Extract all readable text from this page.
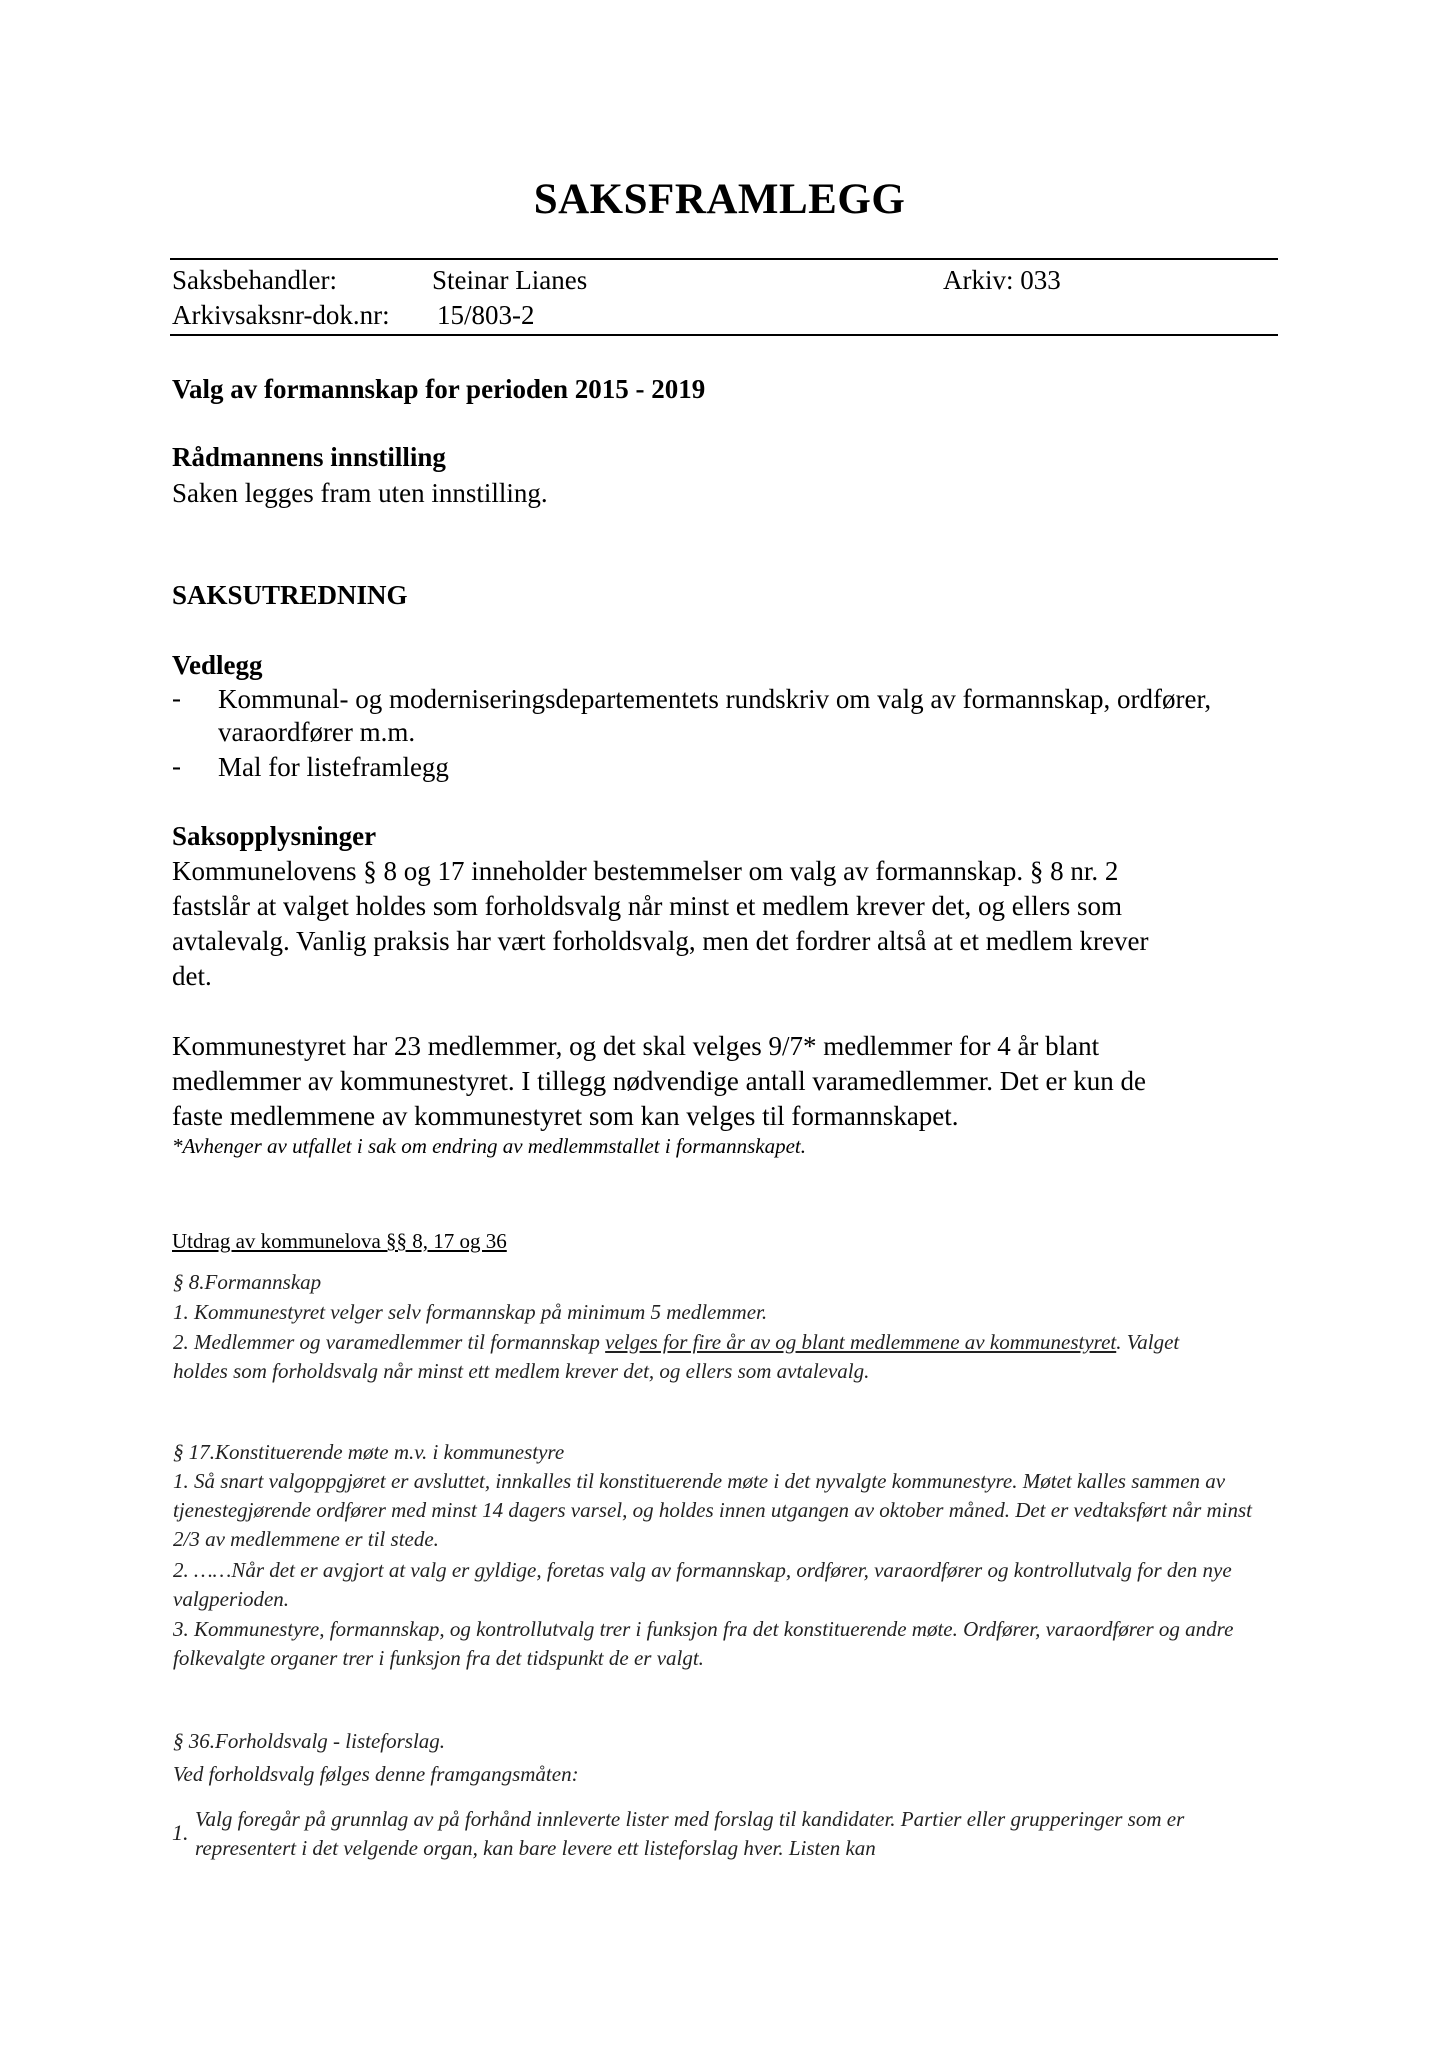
SAKSFRAMLEGG
Saksbehandler:	Steinar Lianes	Arkiv: 033
Arkivsaksnr-dok.nr: 15/803-2
Valg av formannskap for perioden 2015 - 2019
Rådmannens innstilling
Saken legges fram uten innstilling.
SAKSUTREDNING
Vedlegg
- Kommunal- og moderniseringsdepartementets rundskriv om valg av formannskap, ordfører, varaordfører m.m.
- Mal for listeframlegg
Saksopplysninger
Kommunelovens § 8 og 17 inneholder bestemmelser om valg av formannskap. § 8 nr. 2
fastslår at valget holdes som forholdsvalg når minst et medlem krever det, og ellers som
avtalevalg. Vanlig praksis har vært forholdsvalg, men det fordrer altså at et medlem krever
det.
Kommunestyret har 23 medlemmer, og det skal velges 9/7* medlemmer for 4 år blant
medlemmer av kommunestyret. I tillegg nødvendige antall varamedlemmer. Det er kun de
faste medlemmene av kommunestyret som kan velges til formannskapet.
*Avhenger av utfallet i sak om endring av medlemmstallet i formannskapet.
Utdrag av kommunelova §§ 8, 17 og 36
§ 8.Formannskap
1. Kommunestyret velger selv formannskap på minimum 5 medlemmer.
2. Medlemmer og varamedlemmer til formannskap velges for fire år av og blant medlemmene av kommunestyret. Valget holdes som forholdsvalg når minst ett medlem krever det, og ellers som avtalevalg.
§ 17.Konstituerende møte m.v. i kommunestyre
1. Så snart valgoppgjøret er avsluttet, innkalles til konstituerende møte i det nyvalgte kommunestyre. Møtet kalles sammen av tjenestegjørende ordfører med minst 14 dagers varsel, og holdes innen utgangen av oktober måned. Det er vedtaksført når minst 2/3 av medlemmene er til stede.
2. ……Når det er avgjort at valg er gyldige, foretas valg av formannskap, ordfører, varaordfører og kontrollutvalg for den nye valgperioden.
3. Kommunestyre, formannskap, og kontrollutvalg trer i funksjon fra det konstituerende møte. Ordfører, varaordfører og andre folkevalgte organer trer i funksjon fra det tidspunkt de er valgt.
§ 36.Forholdsvalg - listeforslag.
Ved forholdsvalg følges denne framgangsmåten:
1.
Valg foregår på grunnlag av på forhånd innleverte lister med forslag til kandidater. Partier eller grupperinger som er representert i det velgende organ, kan bare levere ett listeforslag hver. Listen kan
